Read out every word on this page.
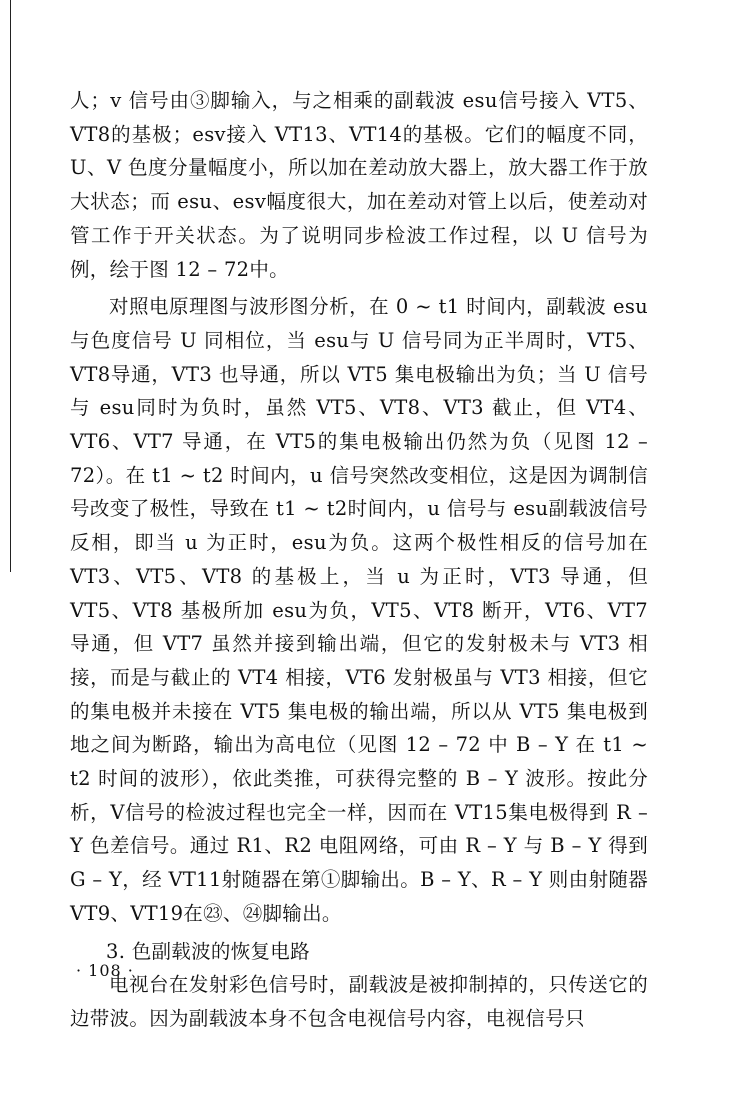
人；v 信号由③脚输入，与之相乘的副载波 esu信号接入 VT5、VT8的基极；esv接入 VT13、VT14的基极。它们的幅度不同，U、V 色度分量幅度小，所以加在差动放大器上，放大器工作于放大状态；而 esu、esv幅度很大，加在差动对管上以后，使差动对管工作于开关状态。为了说明同步检波工作过程，以 U 信号为例，绘于图 12 – 72中。

对照电原理图与波形图分析，在 0 ~ t1 时间内，副载波 esu与色度信号 U 同相位，当 esu与 U 信号同为正半周时，VT5、VT8导通，VT3 也导通，所以 VT5 集电极输出为负；当 U 信号与 esu同时为负时，虽然 VT5、VT8、VT3 截止，但 VT4、VT6、VT7 导通，在 VT5的集电极输出仍然为负（见图 12 – 72）。在 t1 ~ t2 时间内，u 信号突然改变相位，这是因为调制信号改变了极性，导致在 t1 ~ t2时间内，u 信号与 esu副载波信号反相，即当 u 为正时，esu为负。这两个极性相反的信号加在 VT3、VT5、VT8 的基极上，当 u 为正时，VT3 导通，但 VT5、VT8 基极所加 esu为负，VT5、VT8 断开，VT6、VT7 导通，但 VT7 虽然并接到输出端，但它的发射极未与 VT3 相接，而是与截止的 VT4 相接，VT6 发射极虽与 VT3 相接，但它的集电极并未接在 VT5 集电极的输出端，所以从 VT5 集电极到地之间为断路，输出为高电位（见图 12 – 72 中 B – Y 在 t1 ~ t2 时间的波形），依此类推，可获得完整的 B – Y 波形。按此分析，V信号的检波过程也完全一样，因而在 VT15集电极得到 R – Y 色差信号。通过 R1、R2 电阻网络，可由 R – Y 与 B – Y 得到 G – Y，经 VT11射随器在第①脚输出。B – Y、R – Y 则由射随器 VT9、VT19在㉓、㉔脚输出。

3. 色副载波的恢复电路

电视台在发射彩色信号时，副载波是被抑制掉的，只传送它的边带波。因为副载波本身不包含电视信号内容，电视信号只

· 108 ·
